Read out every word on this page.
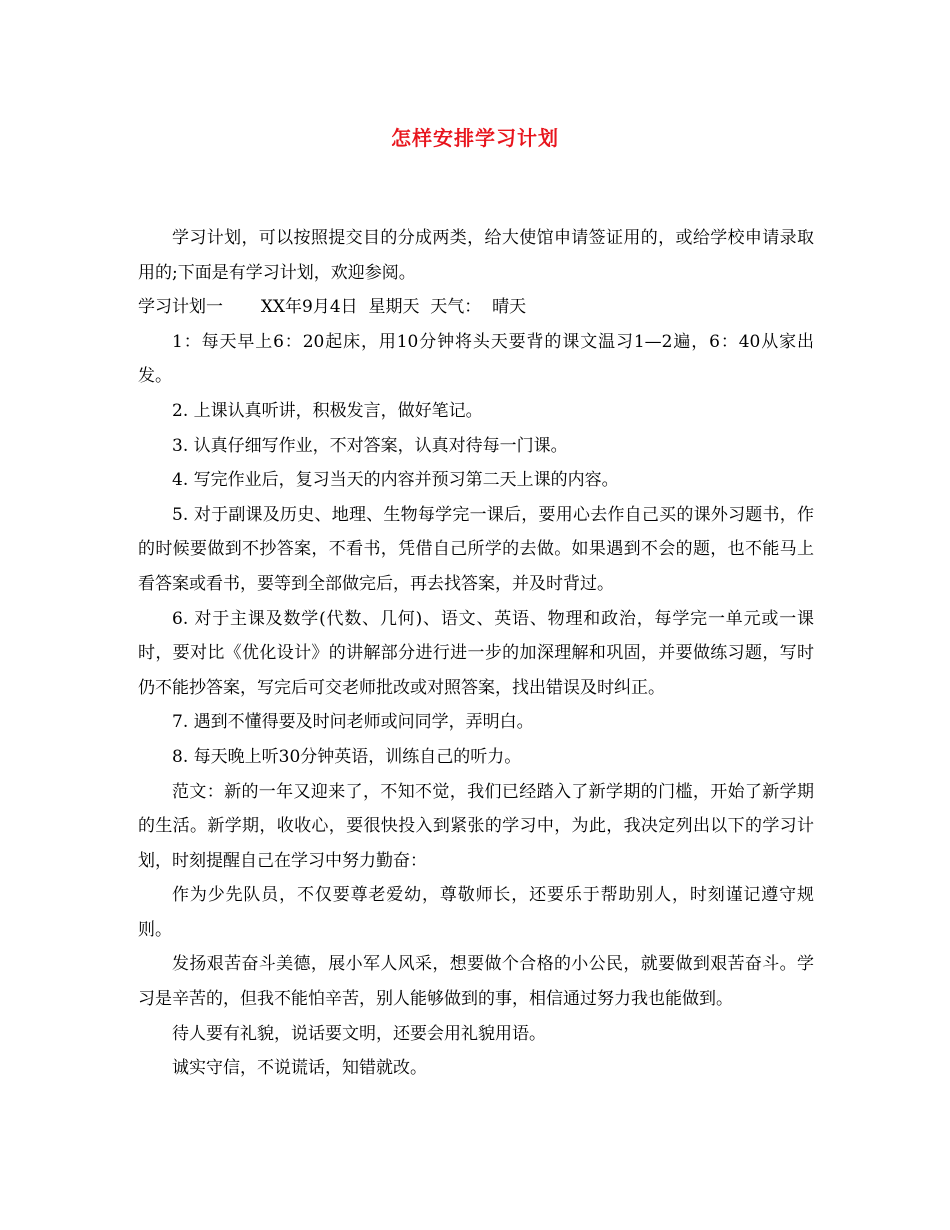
怎样安排学习计划

学习计划，可以按照提交目的分成两类，给大使馆申请签证用的，或给学校申请录取用的;下面是有学习计划，欢迎参阅。

学习计划一 XX年9月4日 星期天 天气： 晴天

1：每天早上6：20起床，用10分钟将头天要背的课文温习1—2遍，6：40从家出发。

2. 上课认真听讲，积极发言，做好笔记。

3. 认真仔细写作业，不对答案，认真对待每一门课。

4. 写完作业后，复习当天的内容并预习第二天上课的内容。

5. 对于副课及历史、地理、生物每学完一课后，要用心去作自己买的课外习题书，作的时候要做到不抄答案，不看书，凭借自己所学的去做。如果遇到不会的题，也不能马上看答案或看书，要等到全部做完后，再去找答案，并及时背过。

6. 对于主课及数学(代数、几何)、语文、英语、物理和政治，每学完一单元或一课时，要对比《优化设计》的讲解部分进行进一步的加深理解和巩固，并要做练习题，写时仍不能抄答案，写完后可交老师批改或对照答案，找出错误及时纠正。

7. 遇到不懂得要及时问老师或问同学，弄明白。

8. 每天晚上听30分钟英语，训练自己的听力。

范文：新的一年又迎来了，不知不觉，我们已经踏入了新学期的门槛，开始了新学期的生活。新学期，收收心，要很快投入到紧张的学习中，为此，我决定列出以下的学习计划，时刻提醒自己在学习中努力勤奋：

作为少先队员，不仅要尊老爱幼，尊敬师长，还要乐于帮助别人，时刻谨记遵守规则。

发扬艰苦奋斗美德，展小军人风采，想要做个合格的小公民，就要做到艰苦奋斗。学习是辛苦的，但我不能怕辛苦，别人能够做到的事，相信通过努力我也能做到。

待人要有礼貌，说话要文明，还要会用礼貌用语。

诚实守信，不说谎话，知错就改。
